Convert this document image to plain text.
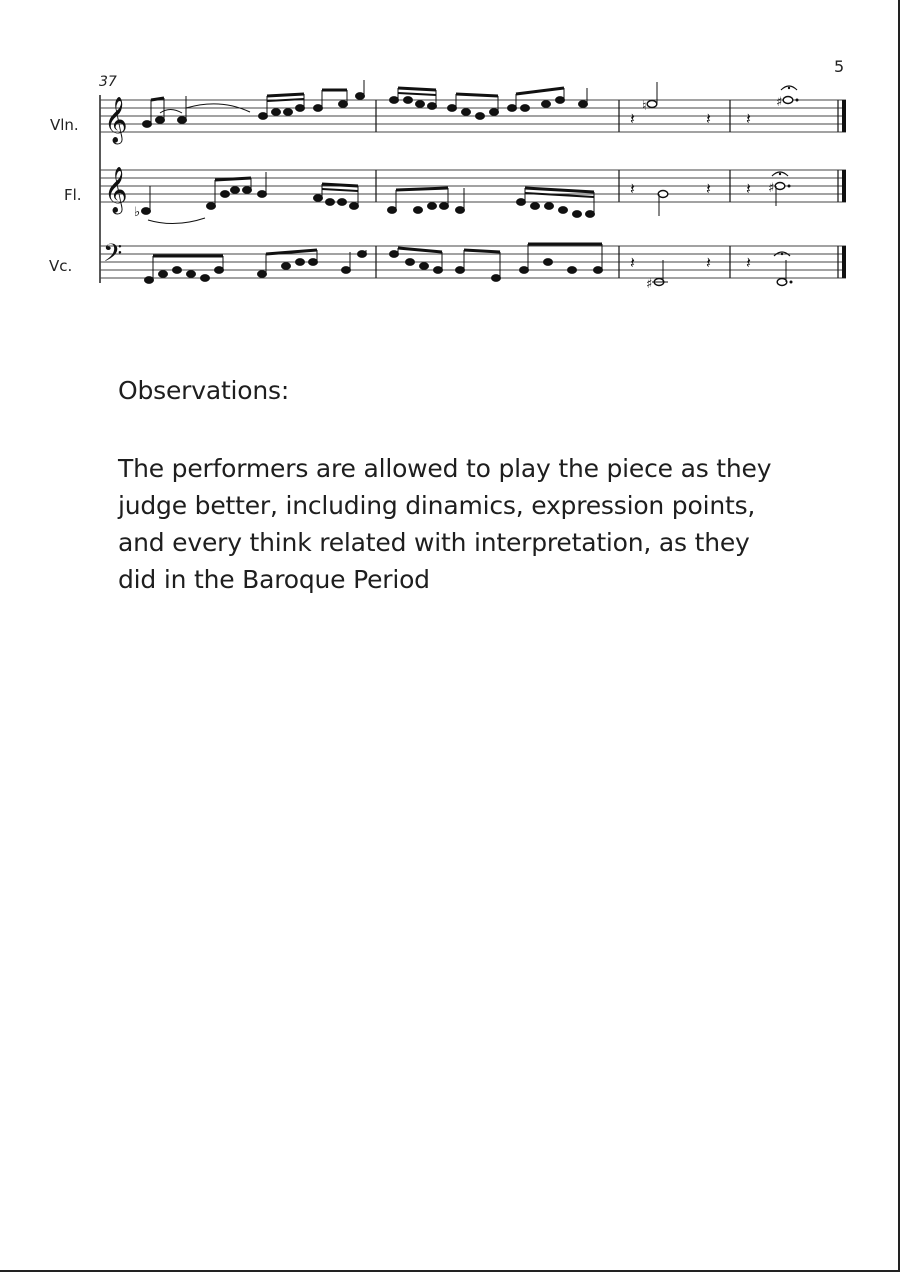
5
37
Vln.
Fl.
Vc.
𝄞
𝄞
𝄢
♮	♯
𝄽	𝄽 𝄽
♭
♯
𝄽	𝄽 𝄽
♯
𝄽	𝄽 𝄽

Observations:

The performers are allowed to play the piece as they
judge better, including dinamics, expression points,
and every think related with interpretation, as they
did in the Baroque Period
